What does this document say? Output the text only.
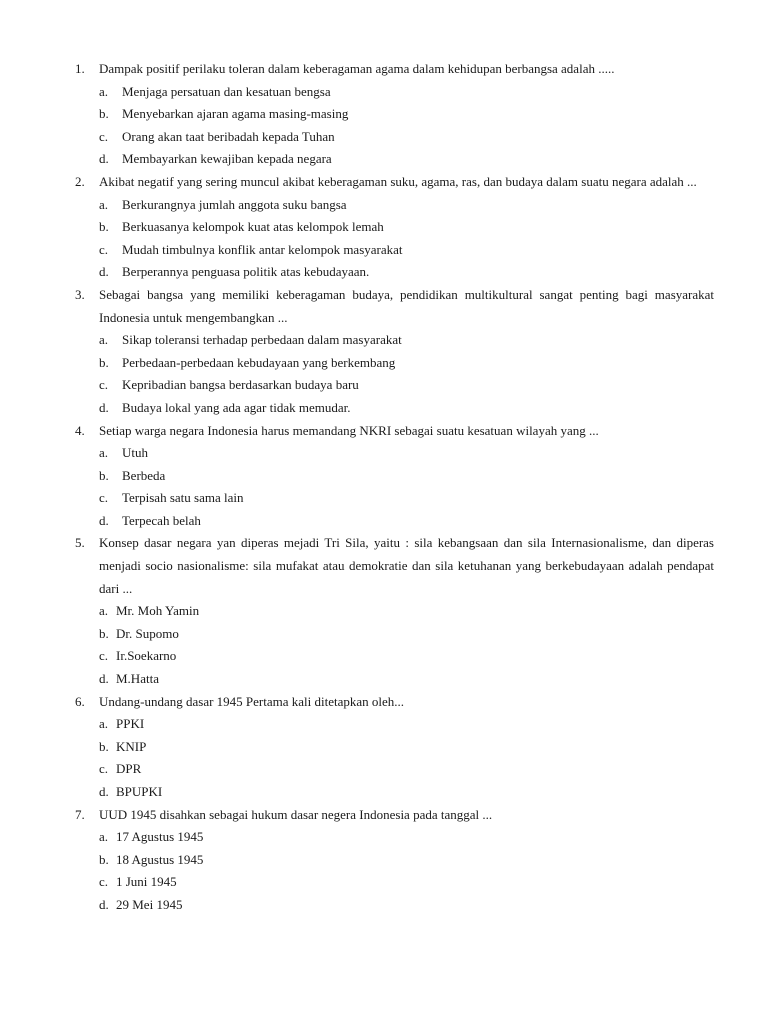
1. Dampak positif perilaku toleran dalam keberagaman agama dalam kehidupan berbangsa adalah .....
a. Menjaga persatuan dan kesatuan bengsa
b. Menyebarkan ajaran agama masing-masing
c. Orang akan taat beribadah kepada Tuhan
d. Membayarkan kewajiban kepada negara
2. Akibat negatif yang sering muncul akibat keberagaman suku, agama, ras, dan budaya dalam suatu negara adalah ...
a. Berkurangnya jumlah anggota suku bangsa
b. Berkuasanya kelompok kuat atas kelompok lemah
c. Mudah timbulnya konflik antar kelompok masyarakat
d. Berperannya penguasa politik atas kebudayaan.
3. Sebagai bangsa yang memiliki keberagaman budaya, pendidikan multikultural sangat penting bagi masyarakat Indonesia untuk mengembangkan ...
a. Sikap toleransi terhadap perbedaan dalam masyarakat
b. Perbedaan-perbedaan kebudayaan yang berkembang
c. Kepribadian bangsa berdasarkan budaya baru
d. Budaya lokal yang ada agar tidak memudar.
4. Setiap warga negara Indonesia harus memandang NKRI sebagai suatu kesatuan wilayah yang ...
a. Utuh
b. Berbeda
c. Terpisah satu sama lain
d. Terpecah belah
5. Konsep dasar negara yan diperas mejadi Tri Sila, yaitu : sila kebangsaan dan sila Internasionalisme, dan diperas menjadi socio nasionalisme: sila mufakat atau demokratie dan sila ketuhanan yang berkebudayaan adalah pendapat dari ...
a. Mr. Moh Yamin
b. Dr. Supomo
c. Ir.Soekarno
d. M.Hatta
6. Undang-undang dasar 1945 Pertama kali ditetapkan oleh...
a. PPKI
b. KNIP
c. DPR
d. BPUPKI
7. UUD 1945 disahkan sebagai hukum dasar negera Indonesia pada tanggal ...
a. 17 Agustus 1945
b. 18 Agustus 1945
c. 1 Juni 1945
d. 29 Mei 1945
